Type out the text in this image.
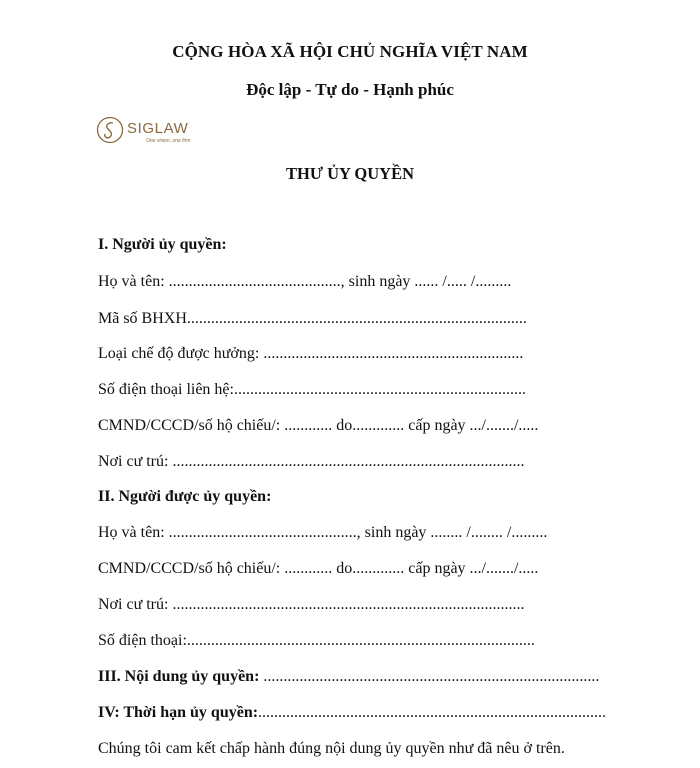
CỘNG HÒA XÃ HỘI CHỦ NGHĨA VIỆT NAM
Độc lập - Tự do - Hạnh phúc
SIGLAW
One vision, one firm
THƯ ỦY QUYỀN
I. Người ủy quyền:
Họ và tên: ..........................................., sinh ngày ...... /..... /.........
Mã số BHXH.....................................................................................
Loại chế độ được hưởng: .................................................................
Số điện thoại liên hệ:.........................................................................
CMND/CCCD/số hộ chiếu/: ............ do............. cấp ngày .../......./.....
Nơi cư trú: ........................................................................................
II. Người được ủy quyền:
Họ và tên: ..............................................., sinh ngày ........ /........ /.........
CMND/CCCD/số hộ chiếu/: ............ do............. cấp ngày .../......./.....
Nơi cư trú: ........................................................................................
Số điện thoại:.......................................................................................
III. Nội dung ủy quyền: ....................................................................................
IV: Thời hạn ủy quyền:.......................................................................................
Chúng tôi cam kết chấp hành đúng nội dung ủy quyền như đã nêu ở trên.
